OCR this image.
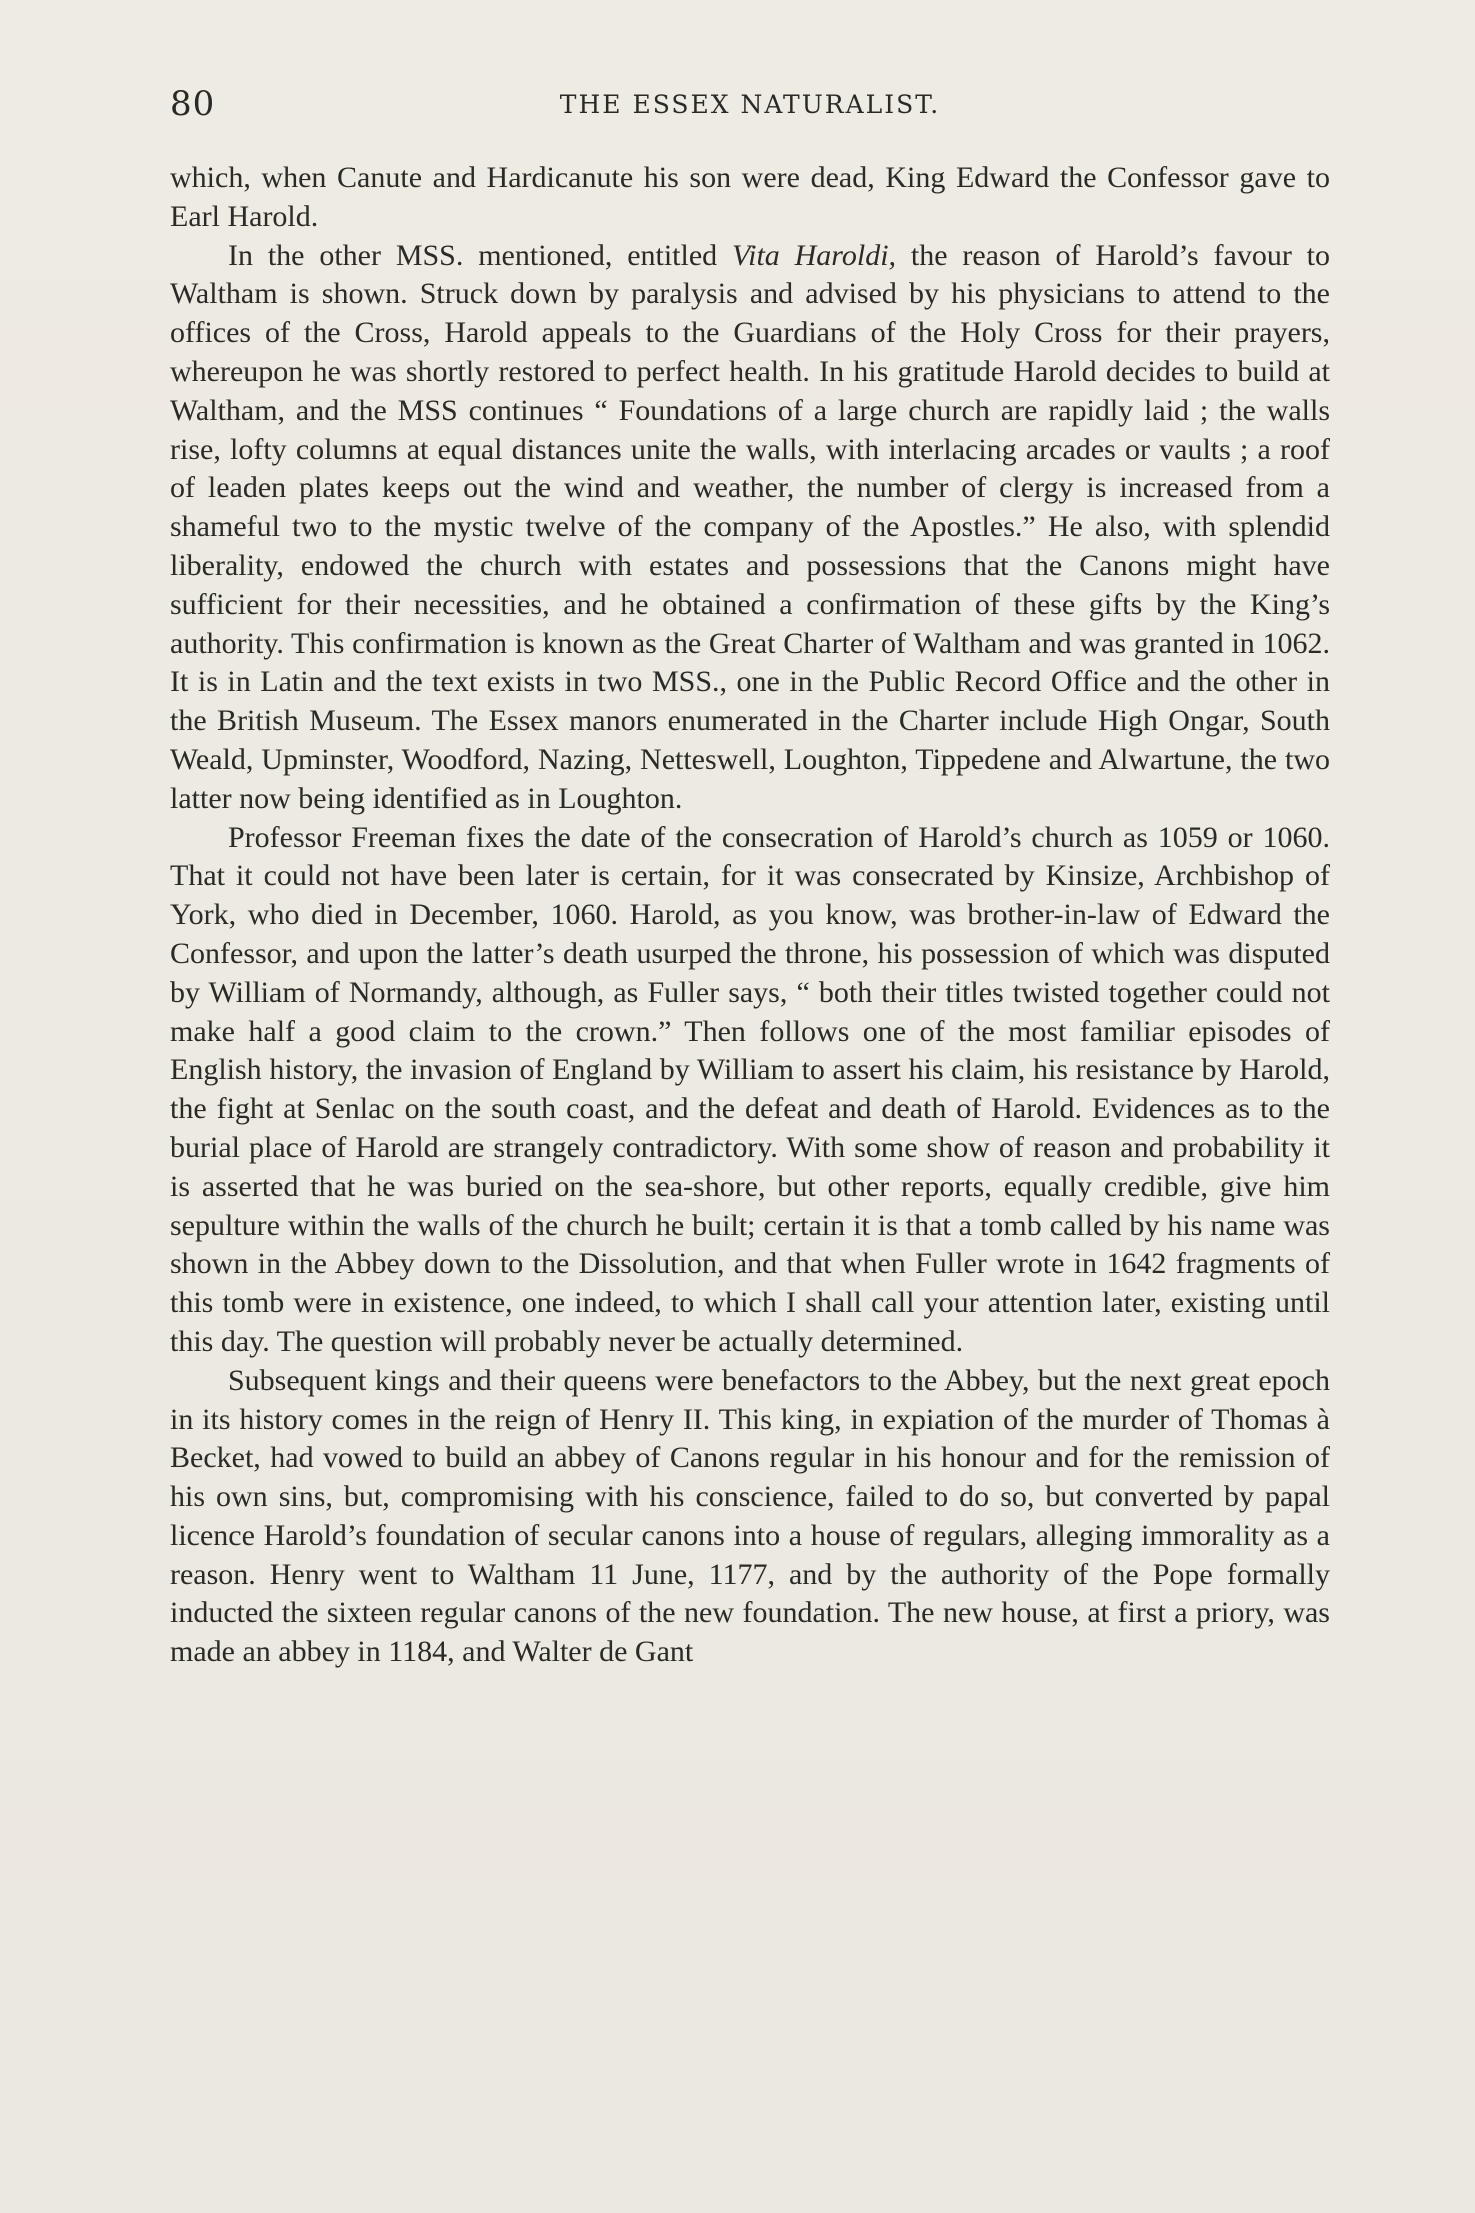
80	THE ESSEX NATURALIST.

which, when Canute and Hardicanute his son were dead, King Edward the Confessor gave to Earl Harold.

In the other MSS. mentioned, entitled Vita Haroldi, the reason of Harold’s favour to Waltham is shown. Struck down by paralysis and advised by his physicians to attend to the offices of the Cross, Harold appeals to the Guardians of the Holy Cross for their prayers, whereupon he was shortly restored to perfect health. In his gratitude Harold decides to build at Waltham, and the MSS continues “ Foundations of a large church are rapidly laid ; the walls rise, lofty columns at equal distances unite the walls, with interlacing arcades or vaults ; a roof of leaden plates keeps out the wind and weather, the number of clergy is increased from a shameful two to the mystic twelve of the company of the Apostles.” He also, with splendid liberality, endowed the church with estates and possessions that the Canons might have sufficient for their necessities, and he obtained a confirmation of these gifts by the King’s authority. This confirmation is known as the Great Charter of Waltham and was granted in 1062. It is in Latin and the text exists in two MSS., one in the Public Record Office and the other in the British Museum. The Essex manors enumerated in the Charter include High Ongar, South Weald, Upminster, Woodford, Nazing, Netteswell, Loughton, Tippedene and Alwartune, the two latter now being identified as in Loughton.

Professor Freeman fixes the date of the consecration of Harold’s church as 1059 or 1060. That it could not have been later is certain, for it was consecrated by Kinsize, Archbishop of York, who died in December, 1060. Harold, as you know, was brother-in-law of Edward the Confessor, and upon the latter’s death usurped the throne, his possession of which was disputed by William of Normandy, although, as Fuller says, “ both their titles twisted together could not make half a good claim to the crown.” Then follows one of the most familiar episodes of English history, the invasion of England by William to assert his claim, his resistance by Harold, the fight at Senlac on the south coast, and the defeat and death of Harold. Evidences as to the burial place of Harold are strangely contradictory. With some show of reason and probability it is asserted that he was buried on the sea-shore, but other reports, equally credible, give him sepulture within the walls of the church he built; certain it is that a tomb called by his name was shown in the Abbey down to the Dissolution, and that when Fuller wrote in 1642 fragments of this tomb were in existence, one indeed, to which I shall call your attention later, existing until this day. The question will probably never be actually determined.

Subsequent kings and their queens were benefactors to the Abbey, but the next great epoch in its history comes in the reign of Henry II. This king, in expiation of the murder of Thomas à Becket, had vowed to build an abbey of Canons regular in his honour and for the remission of his own sins, but, compromising with his conscience, failed to do so, but converted by papal licence Harold’s foundation of secular canons into a house of regulars, alleging immorality as a reason. Henry went to Waltham 11 June, 1177, and by the authority of the Pope formally inducted the sixteen regular canons of the new foundation. The new house, at first a priory, was made an abbey in 1184, and Walter de Gant
